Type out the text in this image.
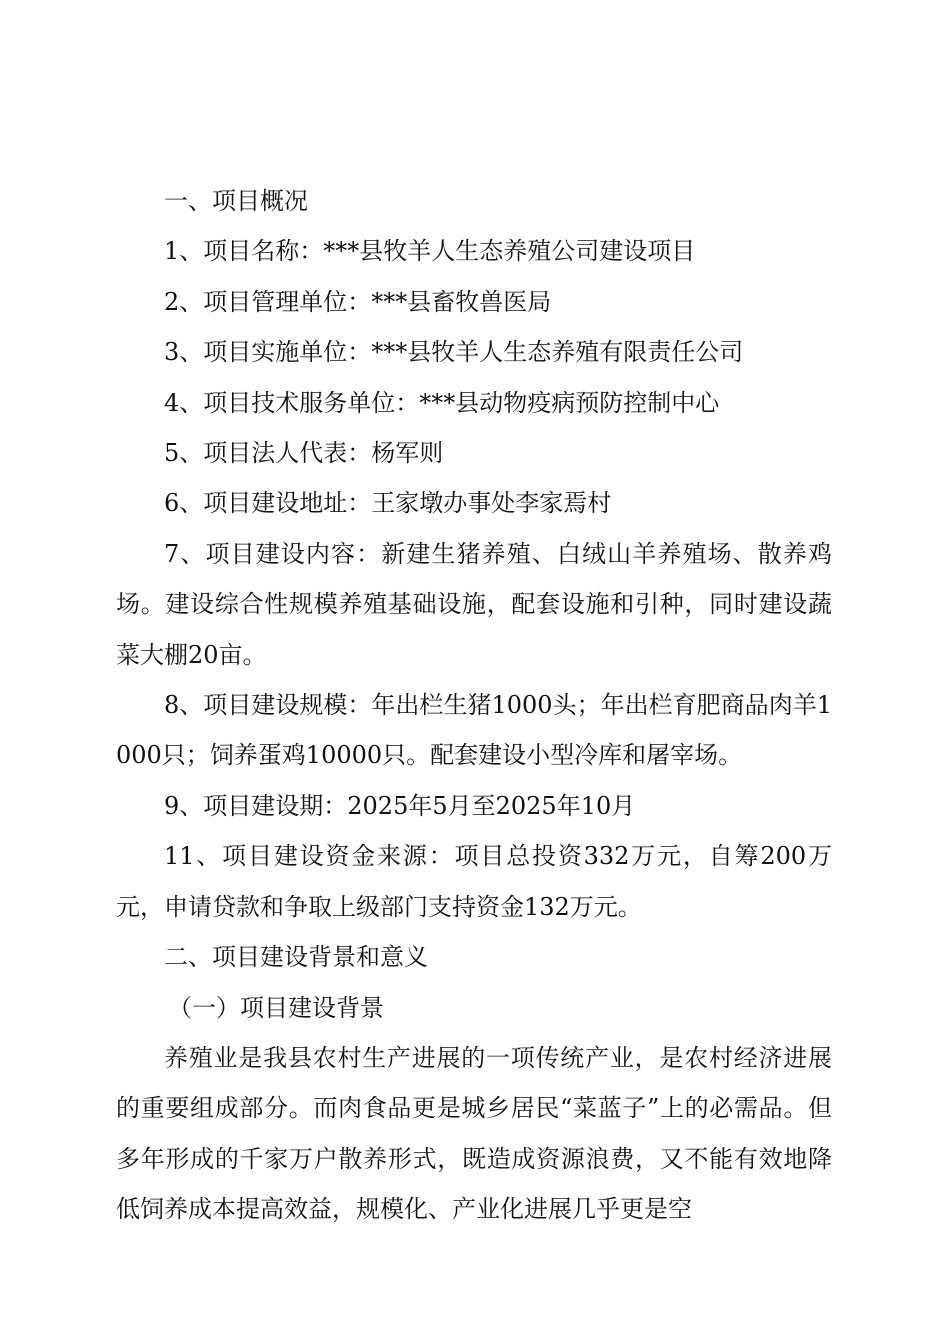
一、项目概况

1、项目名称：***县牧羊人生态养殖公司建设项目

2、项目管理单位：***县畜牧兽医局

3、项目实施单位：***县牧羊人生态养殖有限责任公司

4、项目技术服务单位：***县动物疫病预防控制中心

5、项目法人代表：杨军则

6、项目建设地址：王家墩办事处李家焉村

7、项目建设内容：新建生猪养殖、白绒山羊养殖场、散养鸡场。建设综合性规模养殖基础设施，配套设施和引种，同时建设蔬菜大棚20亩。

8、项目建设规模：年出栏生猪1000头；年出栏育肥商品肉羊1000只；饲养蛋鸡10000只。配套建设小型冷库和屠宰场。

9、项目建设期：2025年5月至2025年10月

11、项目建设资金来源：项目总投资332万元，自筹200万元，申请贷款和争取上级部门支持资金132万元。

二、项目建设背景和意义

（一）项目建设背景

养殖业是我县农村生产进展的一项传统产业，是农村经济进展的重要组成部分。而肉食品更是城乡居民“菜蓝子”上的必需品。但多年形成的千家万户散养形式，既造成资源浪费，又不能有效地降低饲养成本提高效益，规模化、产业化进展几乎更是空
